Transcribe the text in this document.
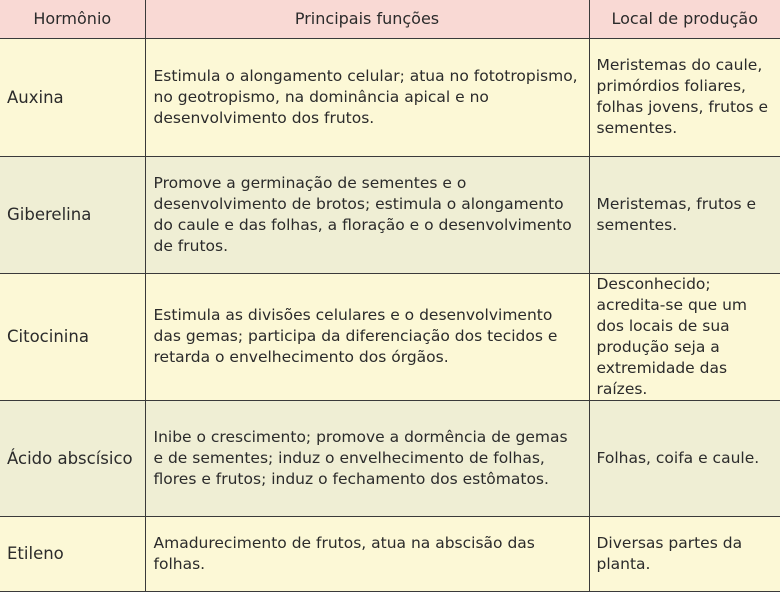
Hormônio	Principais funções	Local de produção
Auxina	Estimula o alongamento celular; atua no fototropismo, no geotropismo, na dominância apical e no desenvolvimento dos frutos.	Meristemas do caule, primórdios foliares, folhas jovens, frutos e sementes.
Giberelina	Promove a germinação de sementes e o desenvolvimento de brotos; estimula o alongamento do caule e das folhas, a floração e o desenvolvimento de frutos.	Meristemas, frutos e sementes.
Citocinina	Estimula as divisões celulares e o desenvolvimento das gemas; participa da diferenciação dos tecidos e retarda o envelhecimento dos órgãos.	Desconhecido; acredita-se que um dos locais de sua produção seja a extremidade das raízes.
Ácido abscísico	Inibe o crescimento; promove a dormência de gemas e de sementes; induz o envelhecimento de folhas, flores e frutos; induz o fechamento dos estômatos.	Folhas, coifa e caule.
Etileno	Amadurecimento de frutos, atua na abscisão das folhas.	Diversas partes da planta.
